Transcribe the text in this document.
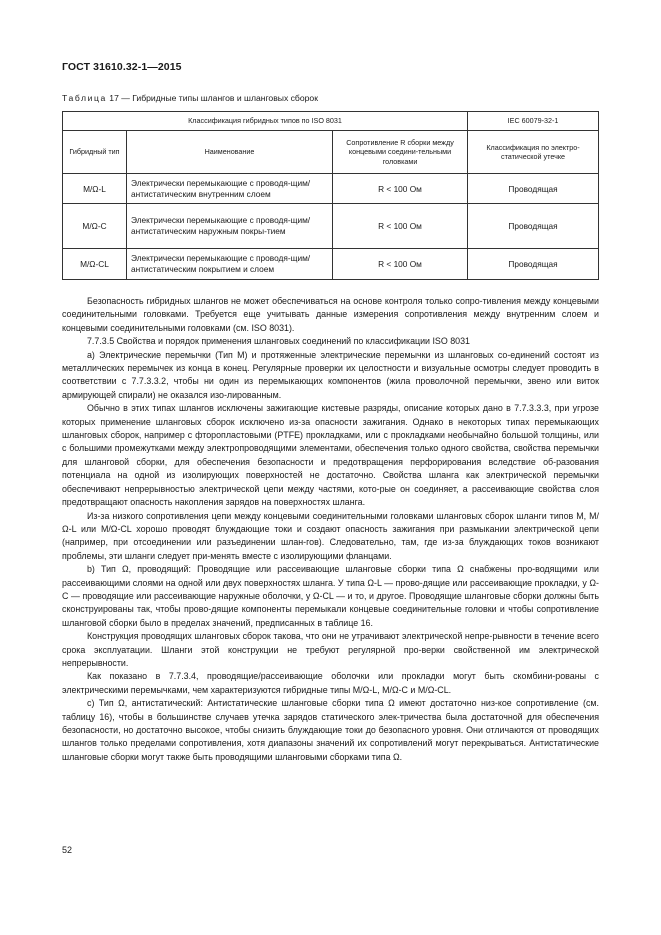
ГОСТ 31610.32-1—2015
Таблица 17 — Гибридные типы шлангов и шланговых сборок
Классификация гибридных типов по ISO 8031			IEC 60079-32-1
Гибридный тип	Наименование	Сопротивление R сборки между концевыми соедини-тельными головками	Классификация по электро-статической утечке
M/Ω-L	Электрически перемыкающие с проводя-щим/антистатическим внутренним слоем	R < 100 Ом	Проводящая
M/Ω-C	Электрически перемыкающие с проводя-щим/антистатическим наружным покры-тием	R < 100 Ом	Проводящая
M/Ω-CL	Электрически перемыкающие с проводя-щим/антистатическим покрытием и слоем	R < 100 Ом	Проводящая

Безопасность гибридных шлангов не может обеспечиваться на основе контроля только сопро-тивления между концевыми соединительными головками. Требуется еще учитывать данные измерения сопротивления между внутренним слоем и концевыми соединительными головками (см. ISO 8031).

7.7.3.5 Свойства и порядок применения шланговых соединений по классификации ISO 8031

а) Электрические перемычки (Тип М) и протяженные электрические перемычки из шланговых со-единений состоят из металлических перемычек из конца в конец. Регулярные проверки их целостности и визуальные осмотры следует проводить в соответствии с 7.7.3.3.2, чтобы ни один из перемыкающих компонентов (жила проволочной перемычки, звено или виток армирующей спирали) не оказался изо-лированным.

Обычно в этих типах шлангов исключены зажигающие кистевые разряды, описание которых дано в 7.7.3.3.3, при угрозе которых применение шланговых сборок исключено из-за опасности зажигания. Однако в некоторых типах перемыкающих шланговых сборок, например с фторопластовыми (PTFE) прокладками, или с прокладками необычайно большой толщины, или с большими промежутками между электропроводящими элементами, обеспечения только одного свойства, свойства перемычки для шланговой сборки, для обеспечения безопасности и предотвращения перфорирования вследствие об-разования потенциала на одной из изолирующих поверхностей не достаточно. Свойства шланга как электрической перемычки обеспечивают непрерывностью электрической цепи между частями, кото-рые он соединяет, а рассеивающие свойства слоя предотвращают опасность накопления зарядов на поверхностях шланга.

Из-за низкого сопротивления цепи между концевыми соединительными головками шланговых сборок шланги типов М, M/Ω-L или M/Ω-CL хорошо проводят блуждающие токи и создают опасность зажигания при размыкании электрической цепи (например, при отсоединении или разъединении шлан-гов). Следовательно, там, где из-за блуждающих токов возникают проблемы, эти шланги следует при-менять вместе с изолирующими фланцами.

b) Тип Ω, проводящий: Проводящие или рассеивающие шланговые сборки типа Ω снабжены про-водящими или рассеивающими слоями на одной или двух поверхностях шланга. У типа Ω-L — прово-дящие или рассеивающие прокладки, у Ω-С — проводящие или рассеивающие наружные оболочки, у Ω-CL — и то, и другое. Проводящие шланговые сборки должны быть сконструированы так, чтобы прово-дящие компоненты перемыкали концевые соединительные головки и чтобы сопротивление шланговой сборки было в пределах значений, предписанных в таблице 16.

Конструкция проводящих шланговых сборок такова, что они не утрачивают электрической непре-рывности в течение всего срока эксплуатации. Шланги этой конструкции не требуют регулярной про-верки свойственной им электрической непрерывности.

Как показано в 7.7.3.4, проводящие/рассеивающие оболочки или прокладки могут быть скомбини-рованы с электрическими перемычками, чем характеризуются гибридные типы M/Ω-L, M/Ω-C и M/Ω-CL.

с) Тип Ω, антистатический: Антистатические шланговые сборки типа Ω имеют достаточно низ-кое сопротивление (см. таблицу 16), чтобы в большинстве случаев утечка зарядов статического элек-тричества была достаточной для обеспечения безопасности, но достаточно высокое, чтобы снизить блуждающие токи до безопасного уровня. Они отличаются от проводящих шлангов только пределами сопротивления, хотя диапазоны значений их сопротивлений могут перекрываться. Антистатические шланговые сборки могут также быть проводящими шланговыми сборками типа Ω.

52
